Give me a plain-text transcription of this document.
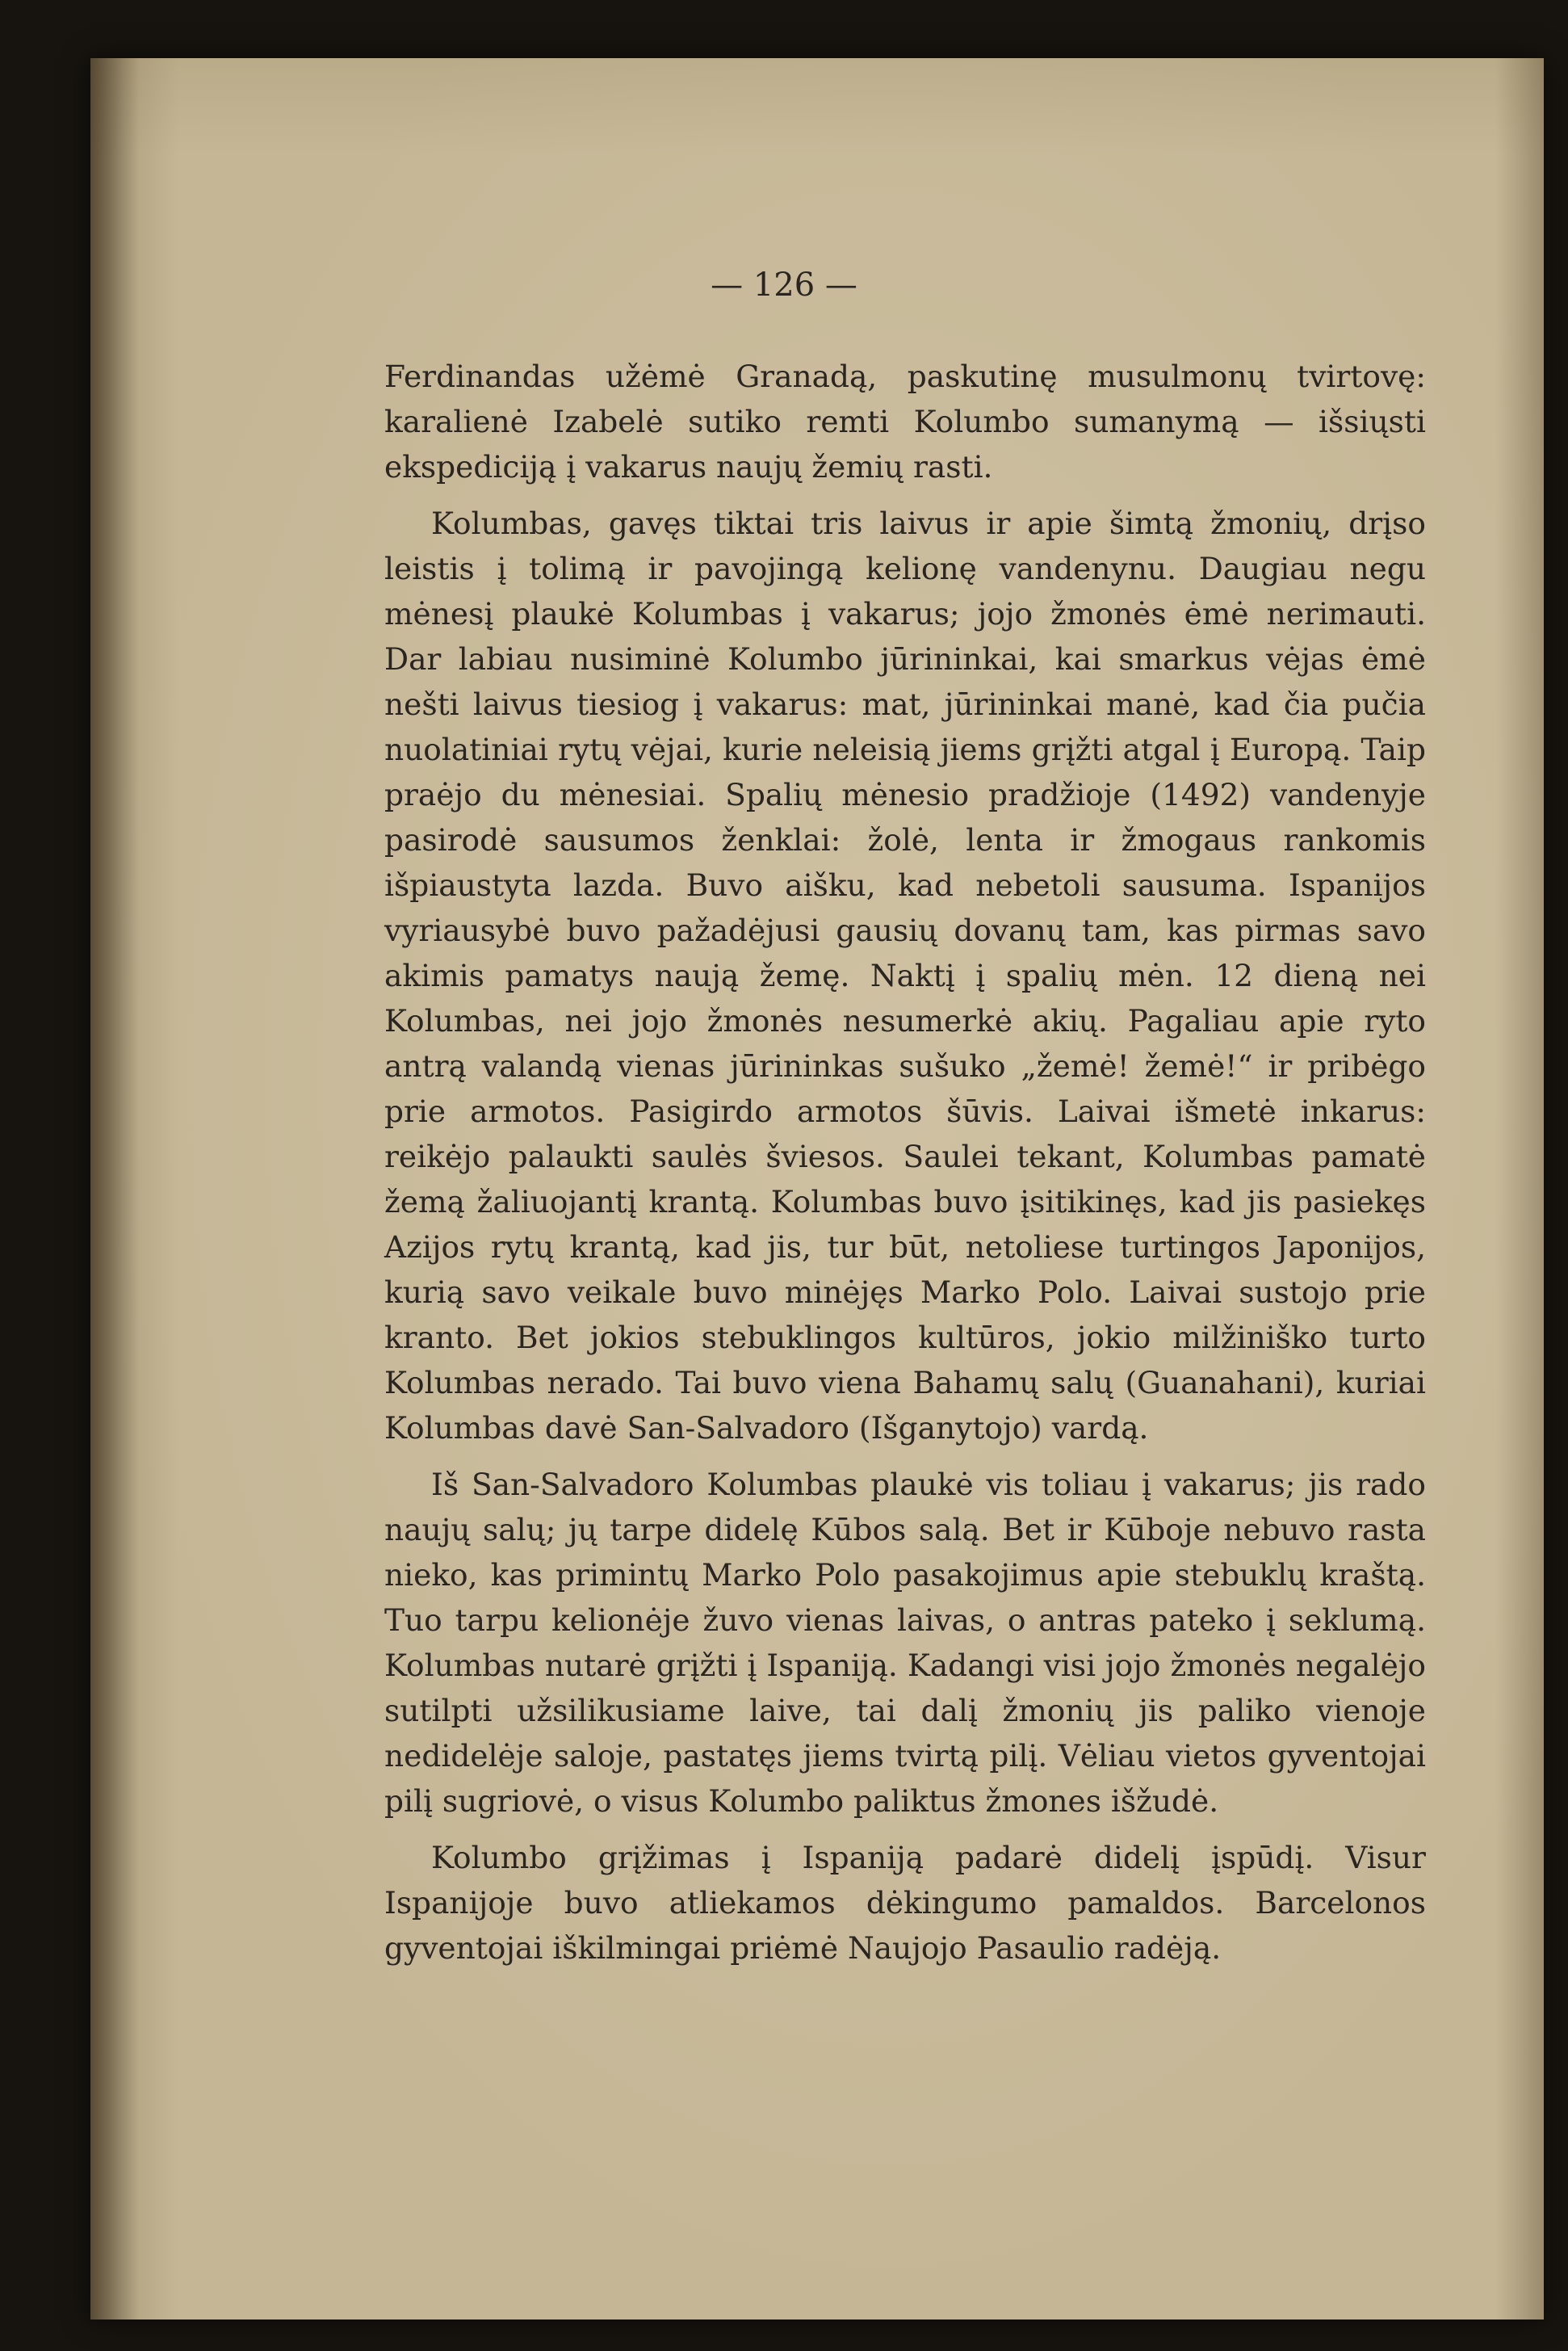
— 126 —

Ferdinandas užėmė Granadą, paskutinę musulmonų tvirtovę: karalienė Izabelė sutiko remti Kolumbo sumanymą — išsiųsti ekspediciją į vakarus naujų žemių rasti.

Kolumbas, gavęs tiktai tris laivus ir apie šimtą žmonių, drįso leistis į tolimą ir pavojingą kelionę vandenynu. Daugiau negu mėnesį plaukė Kolumbas į vakarus; jojo žmonės ėmė nerimauti. Dar labiau nusiminė Kolumbo jūrininkai, kai smarkus vėjas ėmė nešti laivus tiesiog į vakarus: mat, jūrininkai manė, kad čia pučia nuolatiniai rytų vėjai, kurie neleisią jiems grįžti atgal į Europą. Taip praėjo du mėnesiai. Spalių mėnesio pradžioje (1492) vandenyje pasirodė sausumos ženklai: žolė, lenta ir žmogaus rankomis išpiaustyta lazda. Buvo aišku, kad nebetoli sausuma. Ispanijos vyriausybė buvo pažadėjusi gausių dovanų tam, kas pirmas savo akimis pamatys naują žemę. Naktį į spalių mėn. 12 dieną nei Kolumbas, nei jojo žmonės nesumerkė akių. Pagaliau apie ryto antrą valandą vienas jūrininkas sušuko „žemė! žemė!“ ir pribėgo prie armotos. Pasigirdo armotos šūvis. Laivai išmetė inkarus: reikėjo palaukti saulės šviesos. Saulei tekant, Kolumbas pamatė žemą žaliuojantį krantą. Kolumbas buvo įsitikinęs, kad jis pasiekęs Azijos rytų krantą, kad jis, tur būt, netoliese turtingos Japonijos, kurią savo veikale buvo minėjęs Marko Polo. Laivai sustojo prie kranto. Bet jokios stebuklingos kultūros, jokio milžiniško turto Kolumbas nerado. Tai buvo viena Bahamų salų (Guanahani), kuriai Kolumbas davė San-Salvadoro (Išganytojo) vardą.

Iš San-Salvadoro Kolumbas plaukė vis toliau į vakarus; jis rado naujų salų; jų tarpe didelę Kūbos salą. Bet ir Kūboje nebuvo rasta nieko, kas primintų Marko Polo pasakojimus apie stebuklų kraštą. Tuo tarpu kelionėje žuvo vienas laivas, o antras pateko į seklumą. Kolumbas nutarė grįžti į Ispaniją. Kadangi visi jojo žmonės negalėjo sutilpti užsilikusiame laive, tai dalį žmonių jis paliko vienoje nedidelėje saloje, pastatęs jiems tvirtą pilį. Vėliau vietos gyventojai pilį sugriovė, o visus Kolumbo paliktus žmones išžudė.

Kolumbo grįžimas į Ispaniją padarė didelį įspūdį. Visur Ispanijoje buvo atliekamos dėkingumo pamaldos. Barcelonos gyventojai iškilmingai priėmė Naujojo Pasaulio radėją.
